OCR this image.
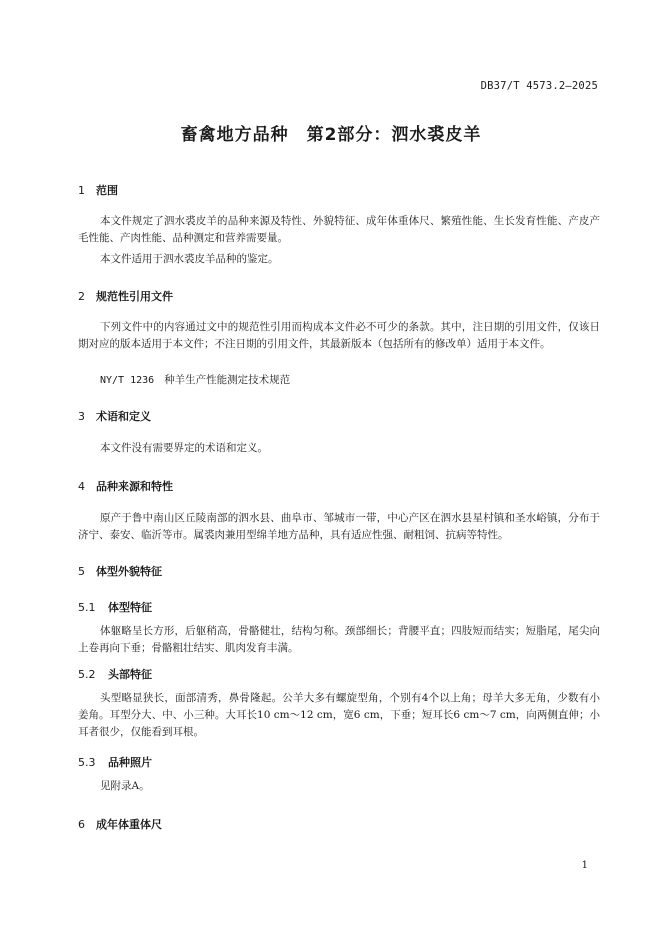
DB37/T 4573.2—2025
畜禽地方品种　第2部分：泗水裘皮羊
1 范围

本文件规定了泗水裘皮羊的品种来源及特性、外貌特征、成年体重体尺、繁殖性能、生长发育性能、产皮产毛性能、产肉性能、品种测定和营养需要量。

本文件适用于泗水裘皮羊品种的鉴定。

2 规范性引用文件

下列文件中的内容通过文中的规范性引用而构成本文件必不可少的条款。其中，注日期的引用文件，仅该日期对应的版本适用于本文件；不注日期的引用文件，其最新版本（包括所有的修改单）适用于本文件。

NY/T 1236 种羊生产性能测定技术规范
3 术语和定义

本文件没有需要界定的术语和定义。

4 品种来源和特性

原产于鲁中南山区丘陵南部的泗水县、曲阜市、邹城市一带，中心产区在泗水县星村镇和圣水峪镇，分布于济宁、泰安、临沂等市。属裘肉兼用型绵羊地方品种，具有适应性强、耐粗饲、抗病等特性。

5 体型外貌特征
5.1 体型特征

体躯略呈长方形，后躯稍高，骨骼健壮，结构匀称。颈部细长；背腰平直；四肢短而结实；短脂尾，尾尖向上卷再向下垂；骨骼粗壮结实、肌肉发育丰满。

5.2 头部特征

头型略显狭长，面部清秀，鼻骨隆起。公羊大多有螺旋型角，个别有4个以上角；母羊大多无角，少数有小姜角。耳型分大、中、小三种。大耳长10 cm～12 cm，宽6 cm，下垂；短耳长6 cm～7 cm，向两侧直伸；小耳者很少，仅能看到耳根。

5.3 品种照片

见附录A。

6 成年体重体尺
1
